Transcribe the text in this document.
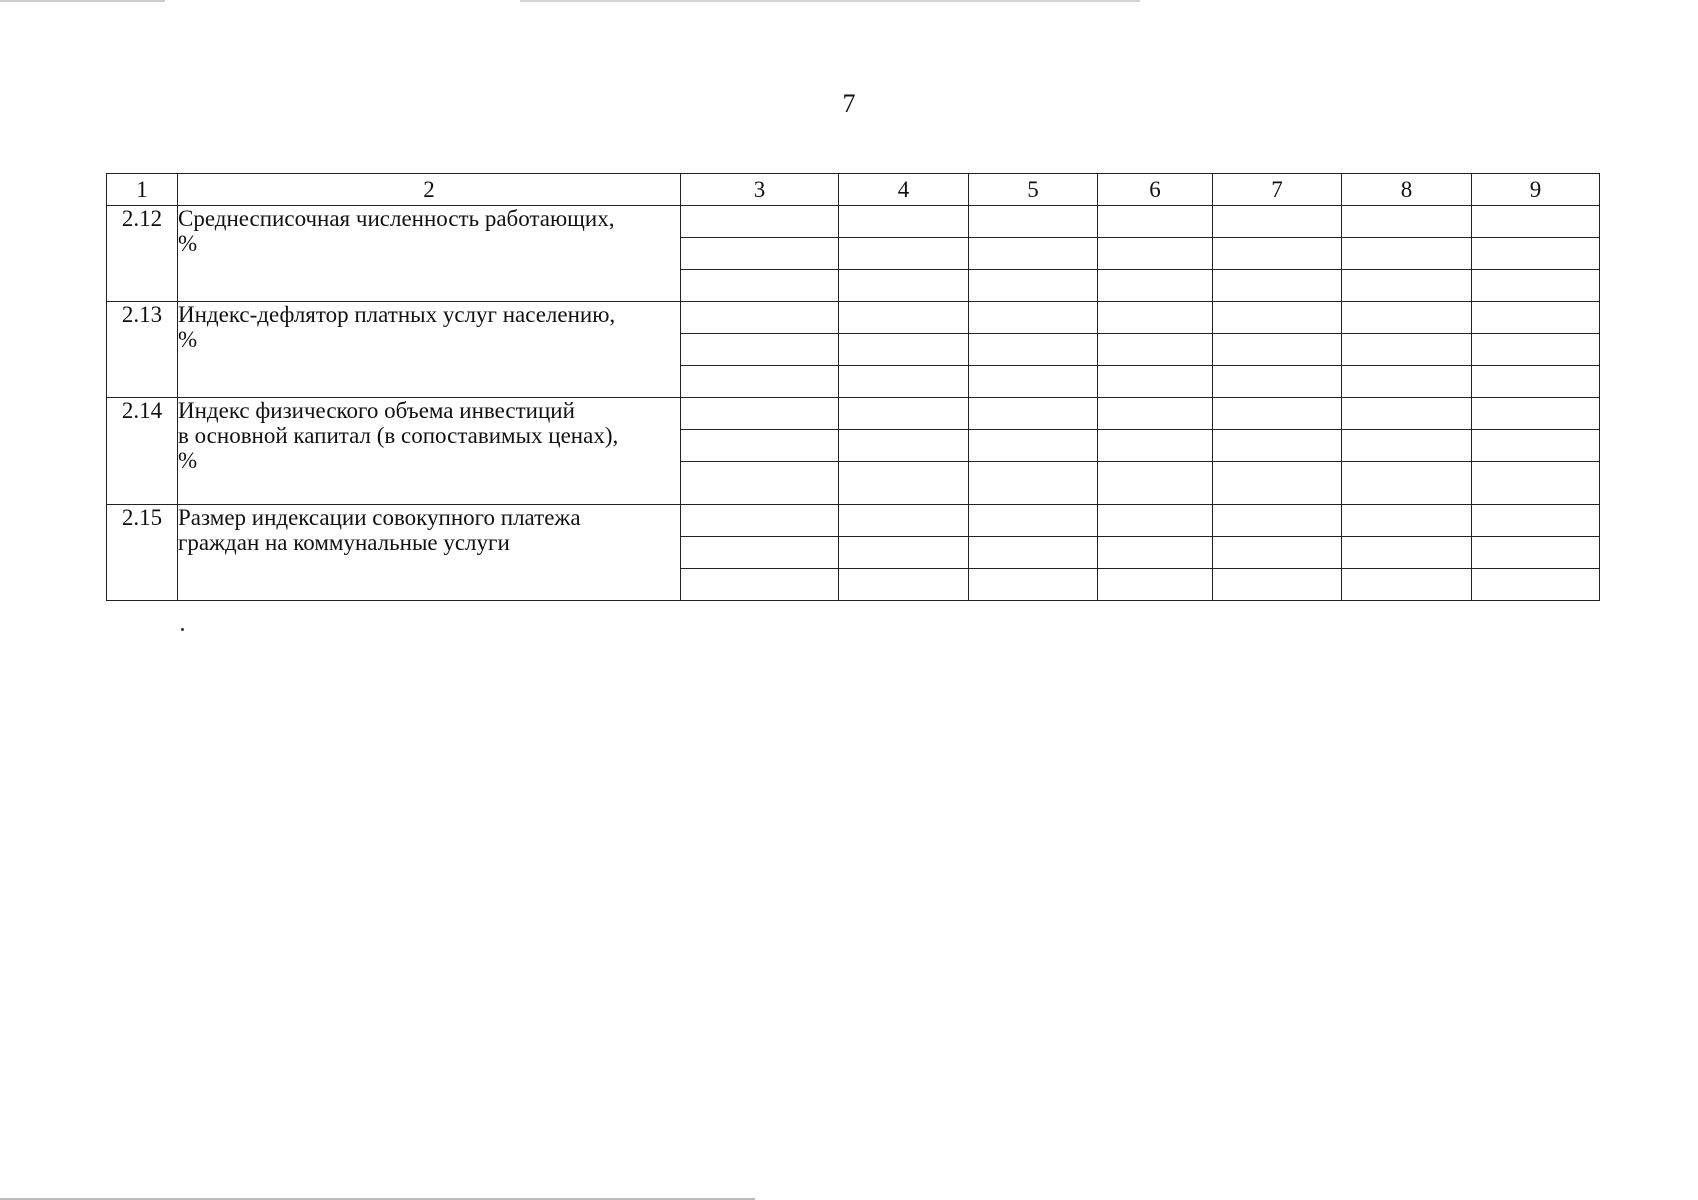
7
1	2	3	4	5	6	7	8	9
2.12	Среднесписочная численность работающих,
%							

2.13	Индекс-дефлятор платных услуг населению,
%							

2.14	Индекс физического объема инвестиций
в основной капитал (в сопоставимых ценах),
%							

2.15	Размер индексации совокупного платежа
граждан на коммунальные услуги							
